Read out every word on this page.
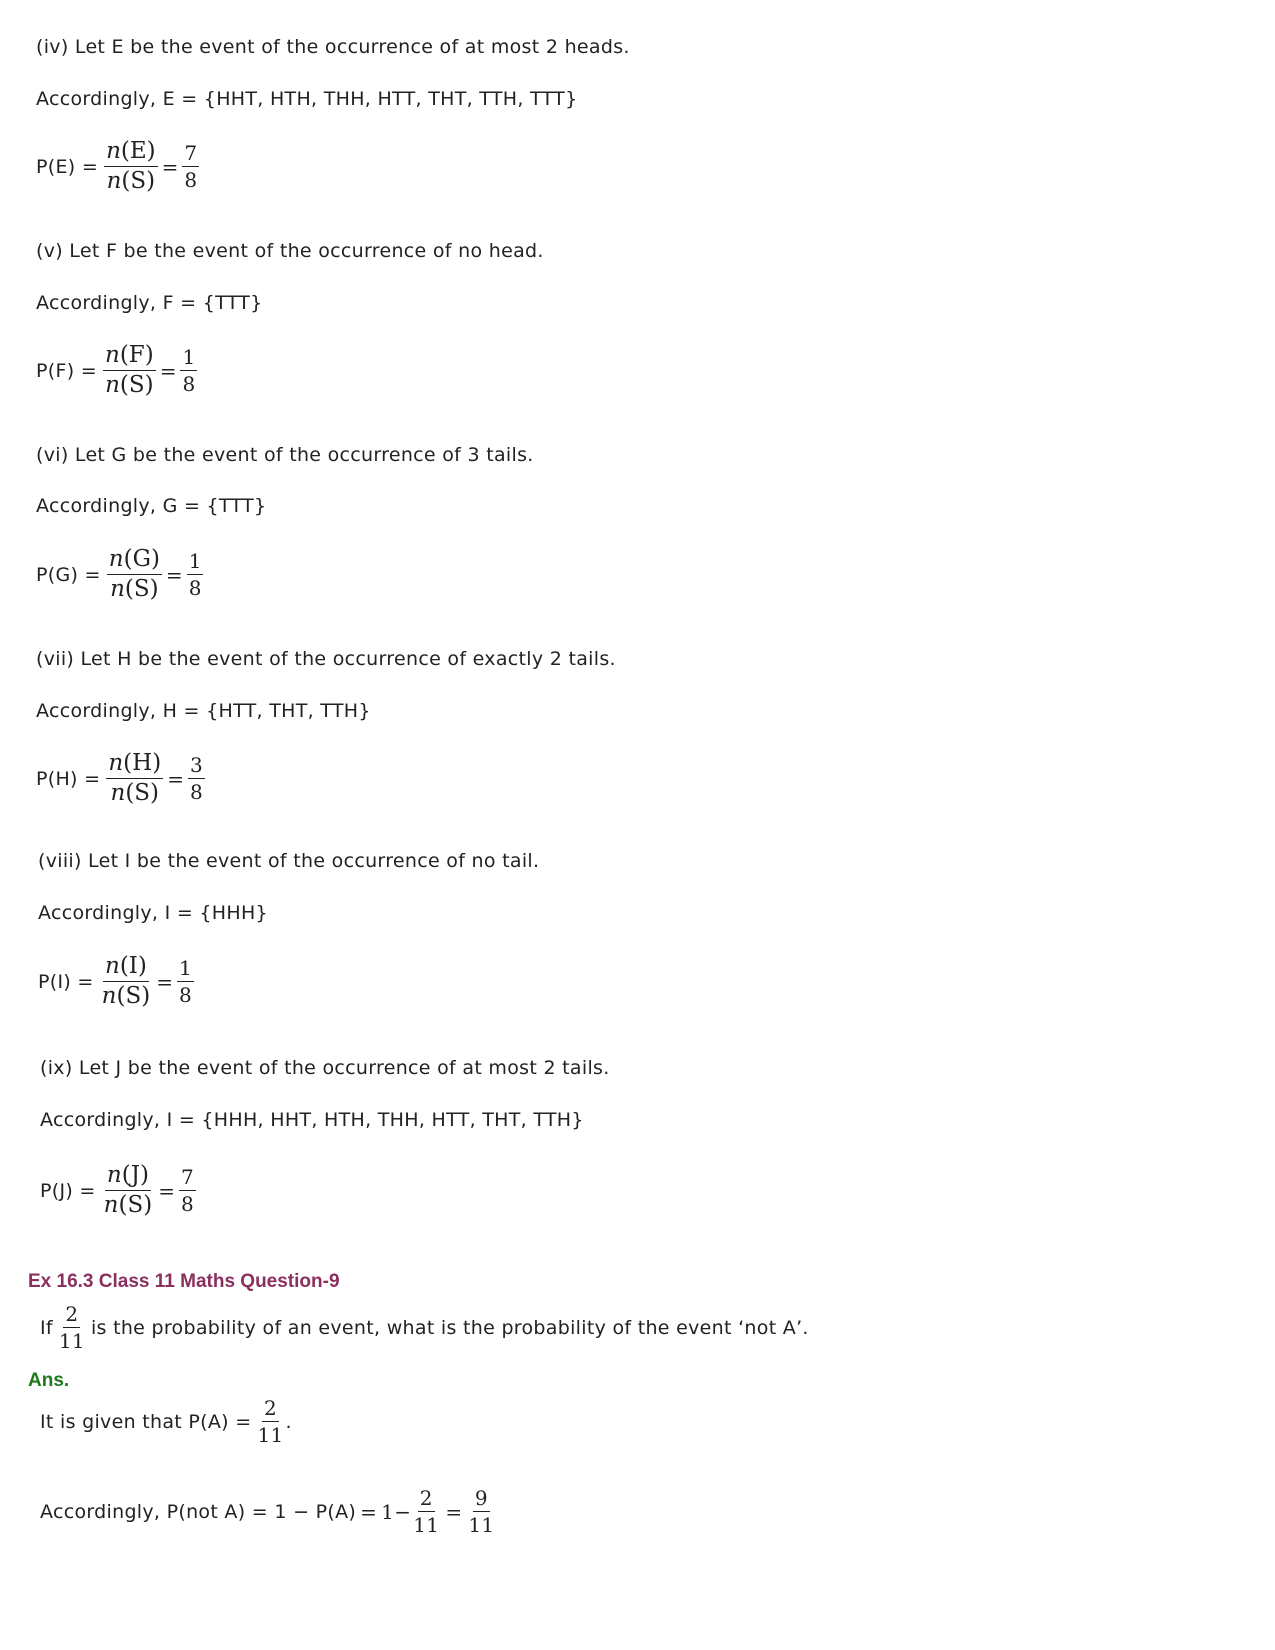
(iv) Let E be the event of the occurrence of at most 2 heads.
Accordingly, E = {HHT, HTH, THH, HTT, THT, TTH, TTT}
$P(E) = \frac{n(E)}{n(S)} = \frac{7}{8}$
(v) Let F be the event of the occurrence of no head.
Accordingly, F = {TTT}
$P(F) = \frac{n(F)}{n(S)} = \frac{1}{8}$
(vi) Let G be the event of the occurrence of 3 tails.
Accordingly, G = {TTT}
$P(G) = \frac{n(G)}{n(S)} = \frac{1}{8}$
(vii) Let H be the event of the occurrence of exactly 2 tails.
Accordingly, H = {HTT, THT, TTH}
$P(H) = \frac{n(H)}{n(S)} = \frac{3}{8}$
(viii) Let I be the event of the occurrence of no tail.
Accordingly, I = {HHH}
$P(I) = \frac{n(I)}{n(S)} = \frac{1}{8}$
(ix) Let J be the event of the occurrence of at most 2 tails.
Accordingly, I = {HHH, HHT, HTH, THH, HTT, THT, TTH}
$P(J) = \frac{n(J)}{n(S)} = \frac{7}{8}$
Ex 16.3 Class 11 Maths Question-9
If $\frac{2}{11}$ is the probability of an event, what is the probability of the event ‘not A’.
Ans.
It is given that $P(A) = \frac{2}{11}$ .
Accordingly, P(not $A) = 1 - P(A) = 1- \frac{2}{11} = \frac{9}{11}$
